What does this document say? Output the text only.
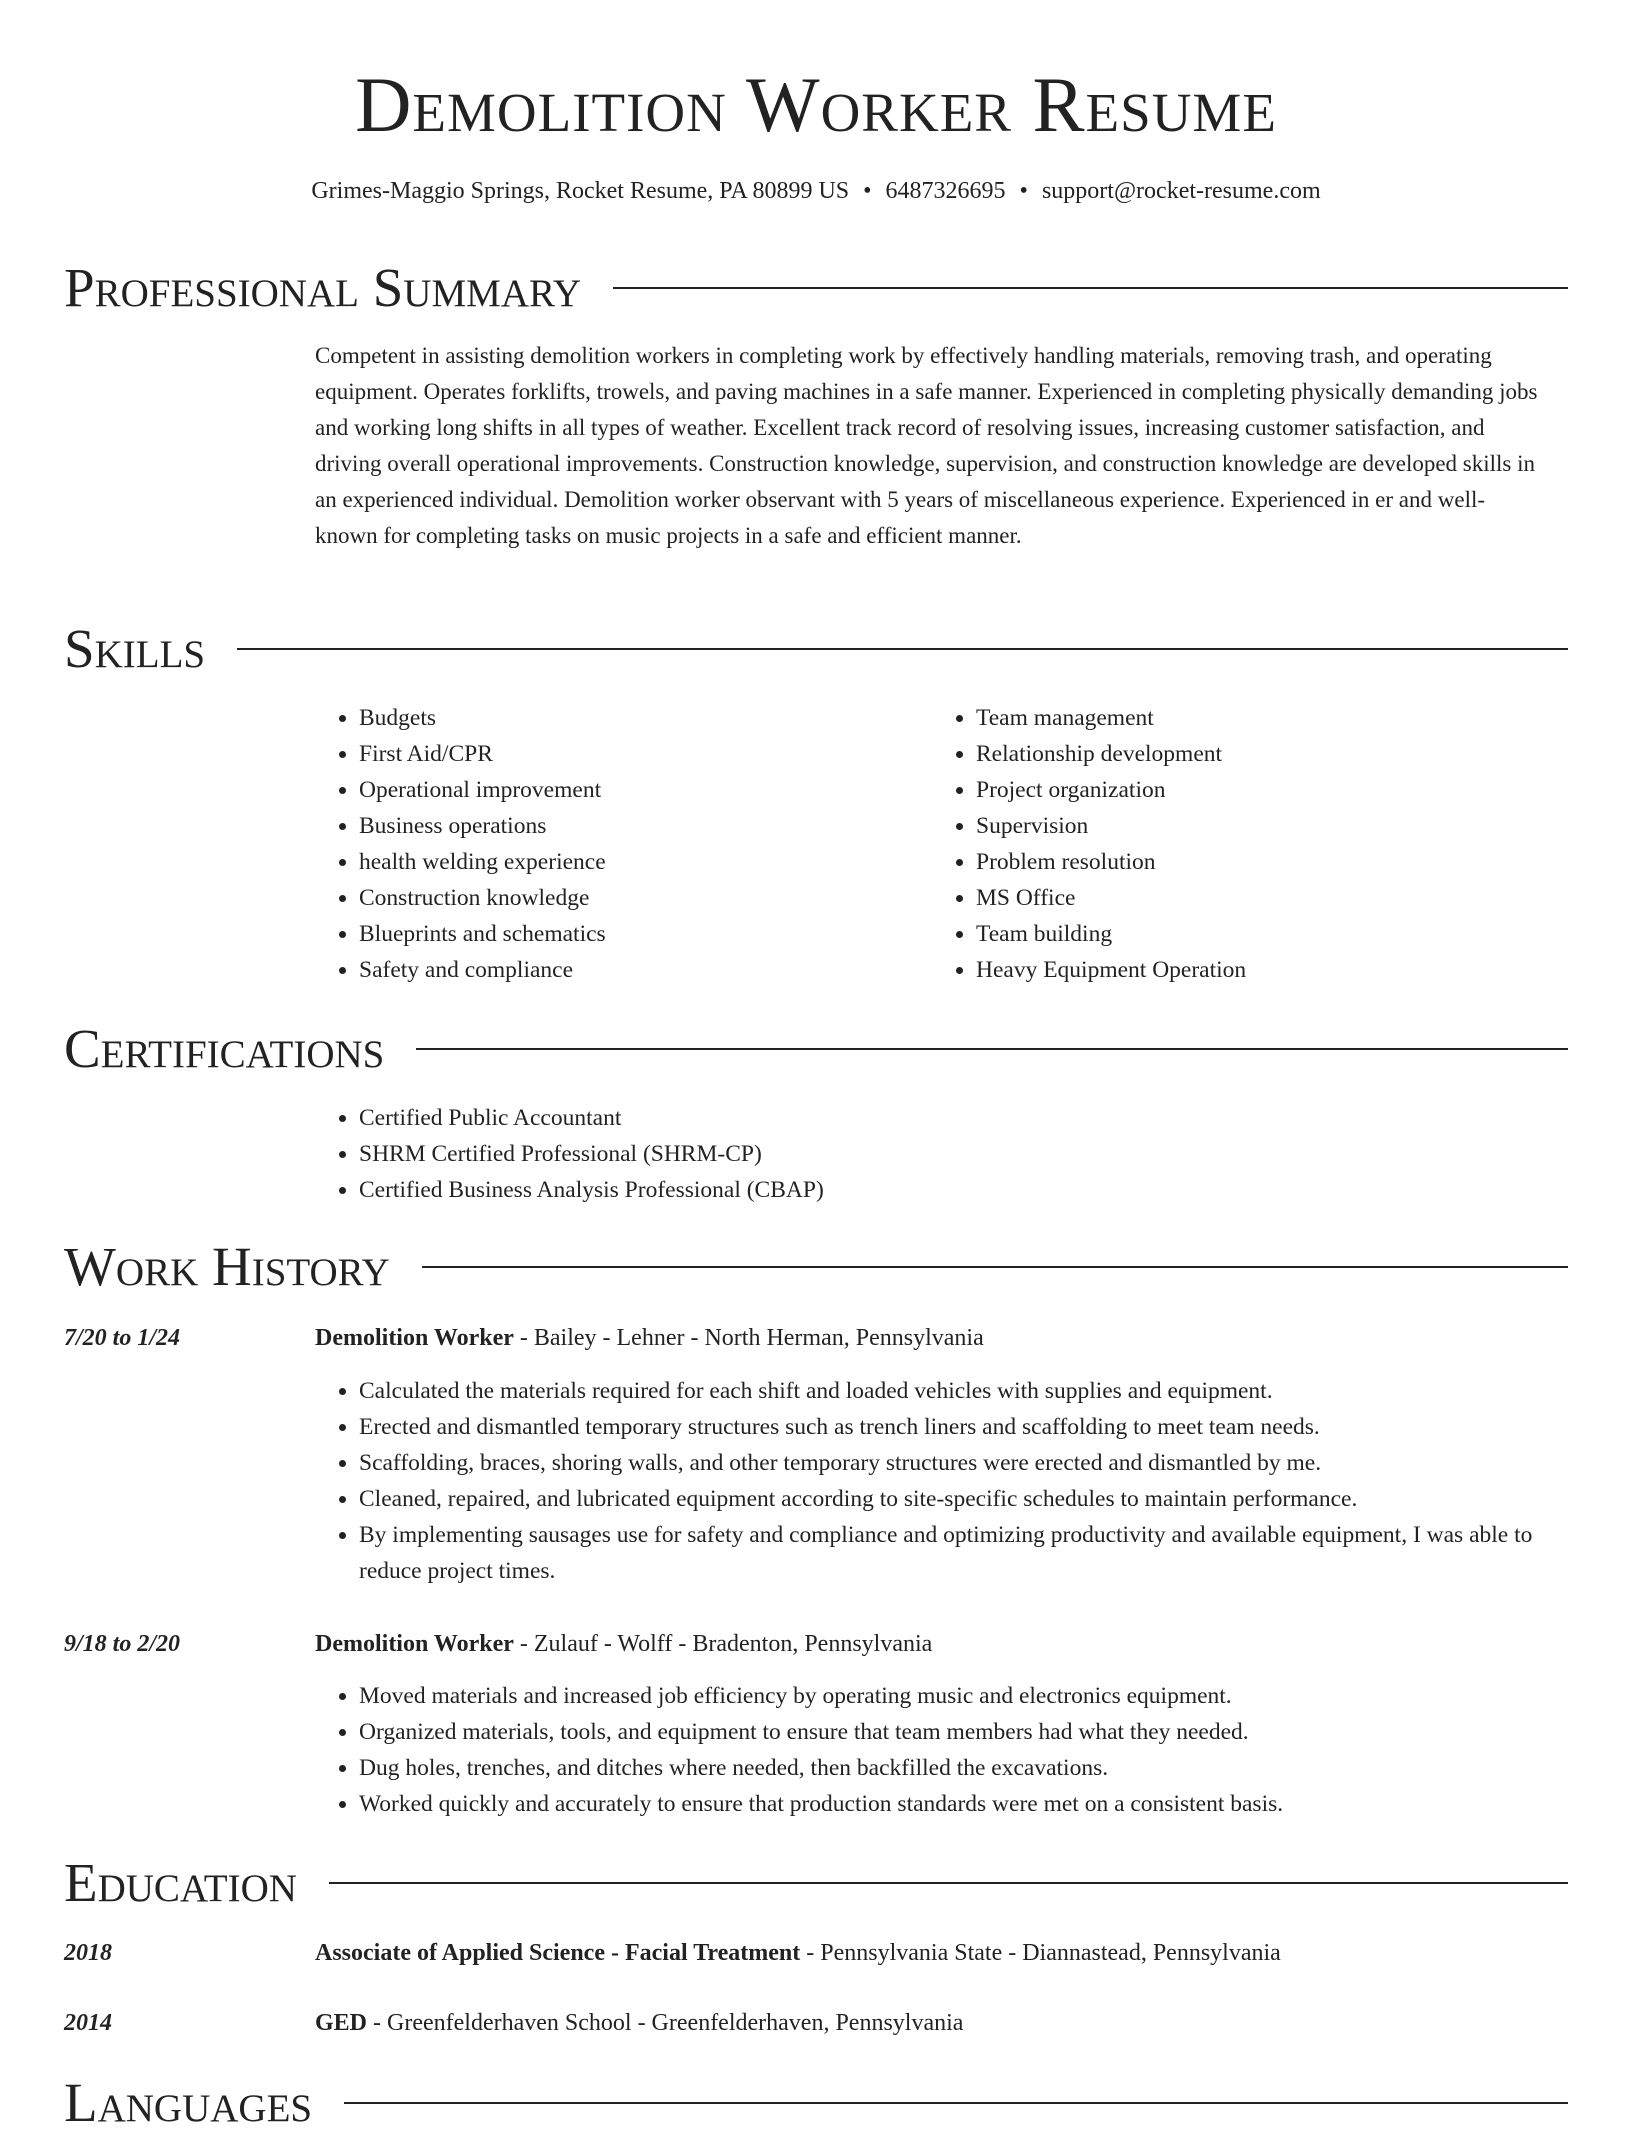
Demolition Worker Resume
Grimes-Maggio Springs, Rocket Resume, PA 80899 US • 6487326695 • support@rocket-resume.com
Professional Summary

Competent in assisting demolition workers in completing work by effectively handling materials, removing trash, and operating equipment. Operates forklifts, trowels, and paving machines in a safe manner. Experienced in completing physically demanding jobs and working long shifts in all types of weather. Excellent track record of resolving issues, increasing customer satisfaction, and driving overall operational improvements. Construction knowledge, supervision, and construction knowledge are developed skills in an experienced individual. Demolition worker observant with 5 years of miscellaneous experience. Experienced in er and well-known for completing tasks on music projects in a safe and efficient manner.

Skills
• Budgets
• First Aid/CPR
• Operational improvement
• Business operations
• health welding experience
• Construction knowledge
• Blueprints and schematics
• Safety and compliance
• Team management
• Relationship development
• Project organization
• Supervision
• Problem resolution
• MS Office
• Team building
• Heavy Equipment Operation
Certifications
• Certified Public Accountant
• SHRM Certified Professional (SHRM-CP)
• Certified Business Analysis Professional (CBAP)
Work History
7/20 to 1/24	Demolition Worker - Bailey - Lehner - North Herman, Pennsylvania
• Calculated the materials required for each shift and loaded vehicles with supplies and equipment.
• Erected and dismantled temporary structures such as trench liners and scaffolding to meet team needs.
• Scaffolding, braces, shoring walls, and other temporary structures were erected and dismantled by me.
• Cleaned, repaired, and lubricated equipment according to site-specific schedules to maintain performance.
• By implementing sausages use for safety and compliance and optimizing productivity and available equipment, I was able to reduce project times.
9/18 to 2/20	Demolition Worker - Zulauf - Wolff - Bradenton, Pennsylvania
• Moved materials and increased job efficiency by operating music and electronics equipment.
• Organized materials, tools, and equipment to ensure that team members had what they needed.
• Dug holes, trenches, and ditches where needed, then backfilled the excavations.
• Worked quickly and accurately to ensure that production standards were met on a consistent basis.
Education
2018	Associate of Applied Science - Facial Treatment - Pennsylvania State - Diannastead, Pennsylvania
2014	GED - Greenfelderhaven School - Greenfelderhaven, Pennsylvania
Languages
